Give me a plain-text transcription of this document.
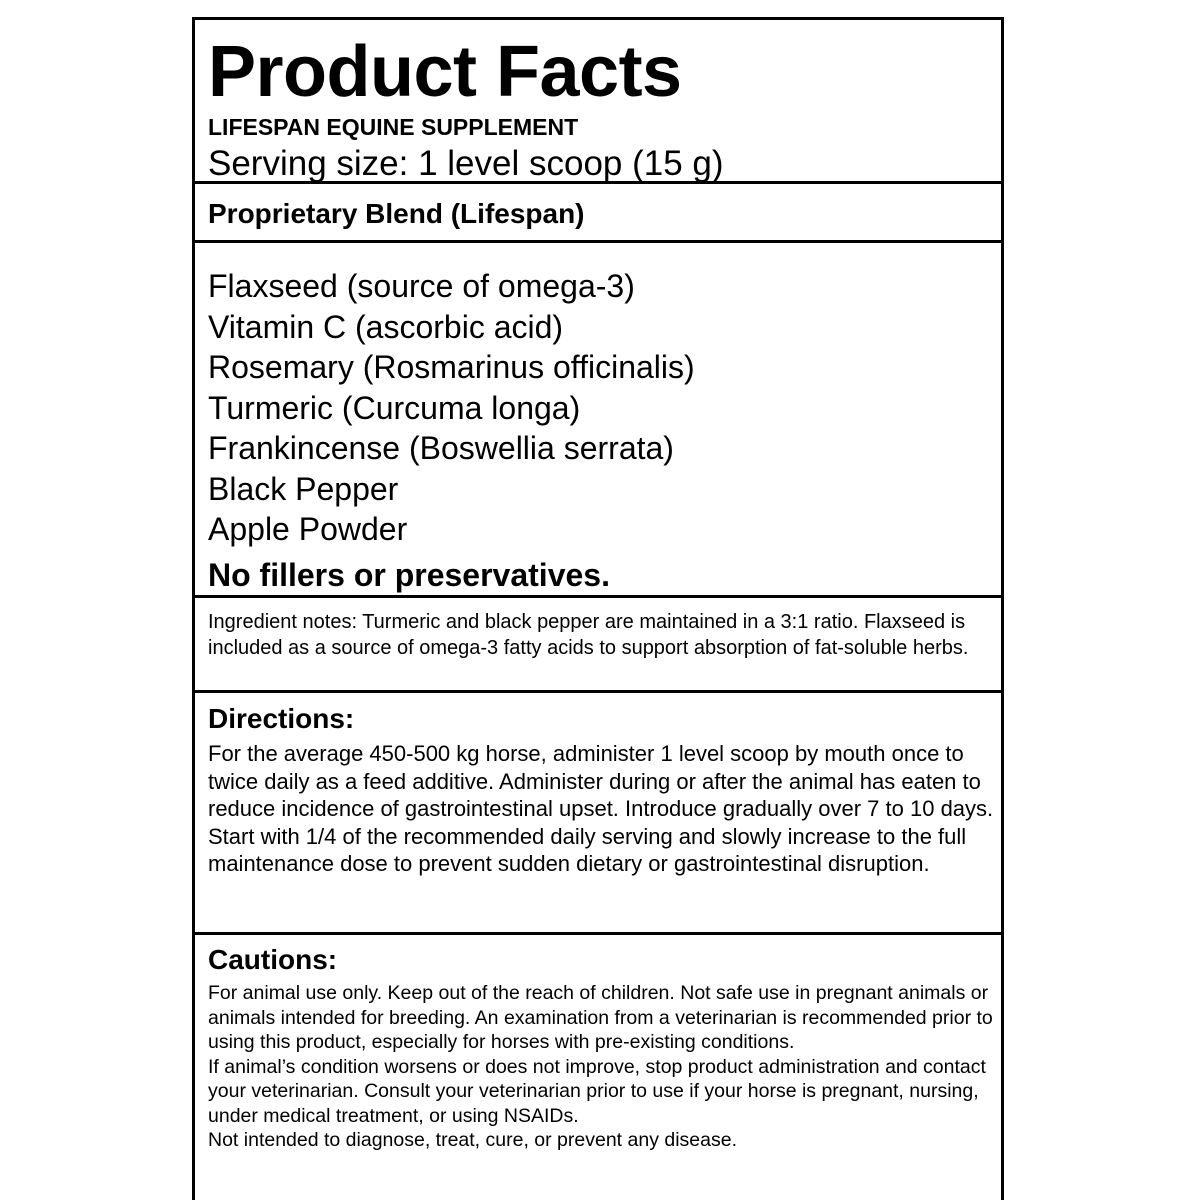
Product Facts
LIFESPAN EQUINE SUPPLEMENT
Serving size: 1 level scoop (15 g)
Proprietary Blend (Lifespan)
Flaxseed (source of omega-3)
Vitamin C (ascorbic acid)
Rosemary (Rosmarinus officinalis)
Turmeric (Curcuma longa)
Frankincense (Boswellia serrata)
Black Pepper
Apple Powder
No fillers or preservatives.

Ingredient notes: Turmeric and black pepper are maintained in a 3:1 ratio. Flaxseed is included as a source of omega-3 fatty acids to support absorption of fat-soluble herbs.

Directions:
For the average 450-500 kg horse, administer 1 level scoop by mouth once to twice daily as a feed additive. Administer during or after the animal has eaten to reduce incidence of gastrointestinal upset. Introduce gradually over 7 to 10 days. Start with 1/4 of the recommended daily serving and slowly increase to the full maintenance dose to prevent sudden dietary or gastrointestinal disruption.
Cautions:

For animal use only. Keep out of the reach of children. Not safe use in pregnant animals or animals intended for breeding. An examination from a veterinarian is recommended prior to using this product, especially for horses with pre-existing conditions.

If animal’s condition worsens or does not improve, stop product administration and contact your veterinarian. Consult your veterinarian prior to use if your horse is pregnant, nursing, under medical treatment, or using NSAIDs.

Not intended to diagnose, treat, cure, or prevent any disease.
